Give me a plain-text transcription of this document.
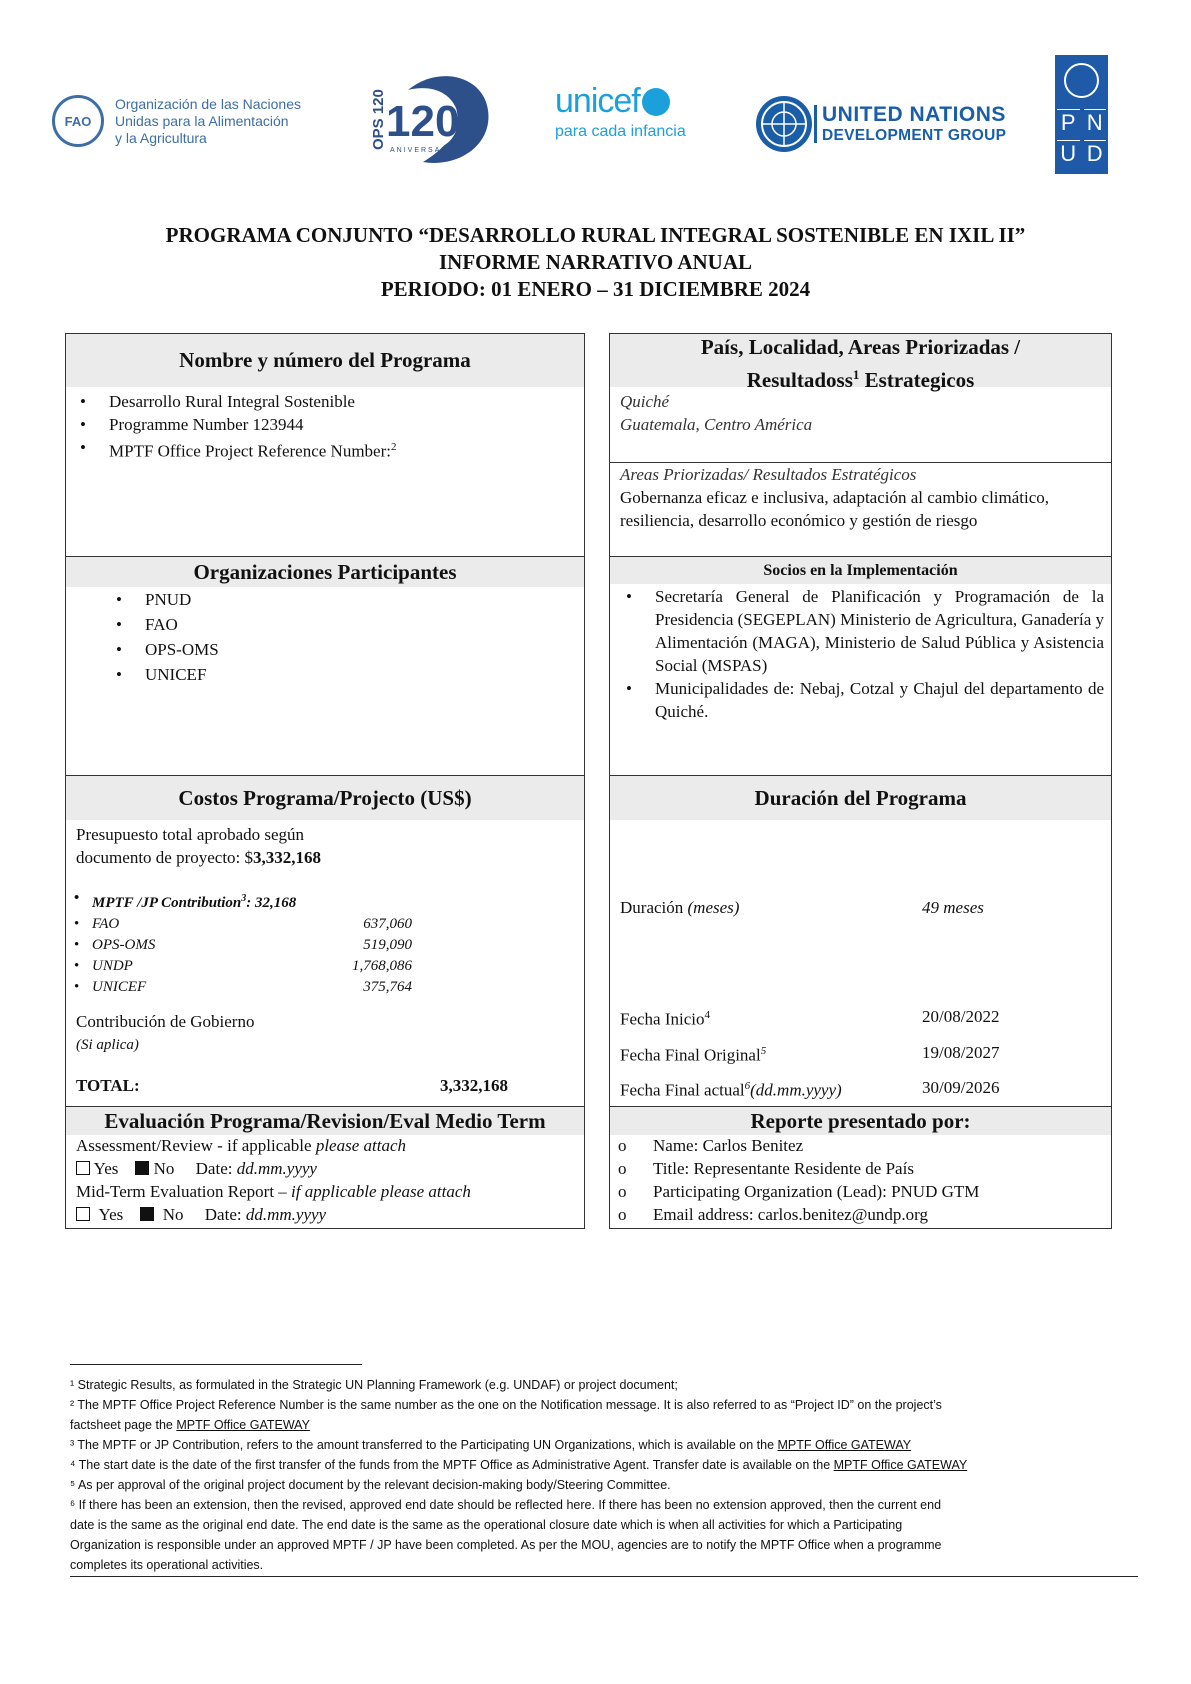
FAO
Organización de las Naciones
Unidas para la Alimentación
y la Agricultura	OPS 120 120
ANIVERSARIO
unicef
para cada infancia
UNITED NATIONS
DEVELOPMENT GROUP
P N
U D
PROGRAMA CONJUNTO “DESARROLLO RURAL INTEGRAL SOSTENIBLE EN IXIL II”
INFORME NARRATIVO ANUAL
PERIODO: 01 ENERO – 31 DICIEMBRE 2024
Nombre y número del Programa
• Desarrollo Rural Integral Sostenible
• Programme Number 123944
• MPTF Office Project Reference Number:$^2$
Organizaciones Participantes
• PNUD
• FAO
• OPS-OMS
• UNICEF
Costos Programa/Projecto (US$)
Presupuesto total aprobado según
documento de proyecto: $3,332,168
• MPTF /JP Contribution$^3$: 32,168
• FAO	637,060
• OPS-OMS	519,090
• UNDP	1,768,086
• UNICEF	375,764
Contribución de Gobierno
(Si aplica)
TOTAL:	3,332,168
Evaluación Programa/Revision/Eval Medio Term
Assessment/Review - if applicable please attach
Yes No Date: dd.mm.yyyy
Mid-Term Evaluation Report – if applicable please attach
Yes No Date: dd.mm.yyyy
País, Localidad, Areas Priorizadas /
Resultadoss$^1$ Estrategicos
Quiché
Guatemala, Centro América
Areas Priorizadas/ Resultados Estratégicos
Gobernanza eficaz e inclusiva, adaptación al cambio climático, resiliencia, desarrollo económico y gestión de riesgo
Socios en la Implementación
• Secretaría General de Planificación y Programación de la Presidencia (SEGEPLAN) Ministerio de Agricultura, Ganadería y Alimentación (MAGA), Ministerio de Salud Pública y Asistencia Social (MSPAS)
• Municipalidades de: Nebaj, Cotzal y Chajul del departamento de Quiché.
Duración del Programa
Duración (meses)	49 meses
Fecha Inicio$^4$	20/08/2022
Fecha Final Original$^5$	19/08/2027
Fecha Final actual$^6$(dd.mm.yyyy)	30/09/2026
Reporte presentado por:
o Name: Carlos Benitez
o Title: Representante Residente de País
o Participating Organization (Lead): PNUD GTM
o Email address: carlos.benitez@undp.org

¹ Strategic Results, as formulated in the Strategic UN Planning Framework (e.g. UNDAF) or project document;

² The MPTF Office Project Reference Number is the same number as the one on the Notification message. It is also referred to as “Project ID” on the project’s

factsheet page the MPTF Office GATEWAY

³ The MPTF or JP Contribution, refers to the amount transferred to the Participating UN Organizations, which is available on the MPTF Office GATEWAY

⁴ The start date is the date of the first transfer of the funds from the MPTF Office as Administrative Agent. Transfer date is available on the MPTF Office GATEWAY

⁵ As per approval of the original project document by the relevant decision-making body/Steering Committee.

⁶ If there has been an extension, then the revised, approved end date should be reflected here. If there has been no extension approved, then the current end

date is the same as the original end date. The end date is the same as the operational closure date which is when all activities for which a Participating

Organization is responsible under an approved MPTF / JP have been completed. As per the MOU, agencies are to notify the MPTF Office when a programme

completes its operational activities.
